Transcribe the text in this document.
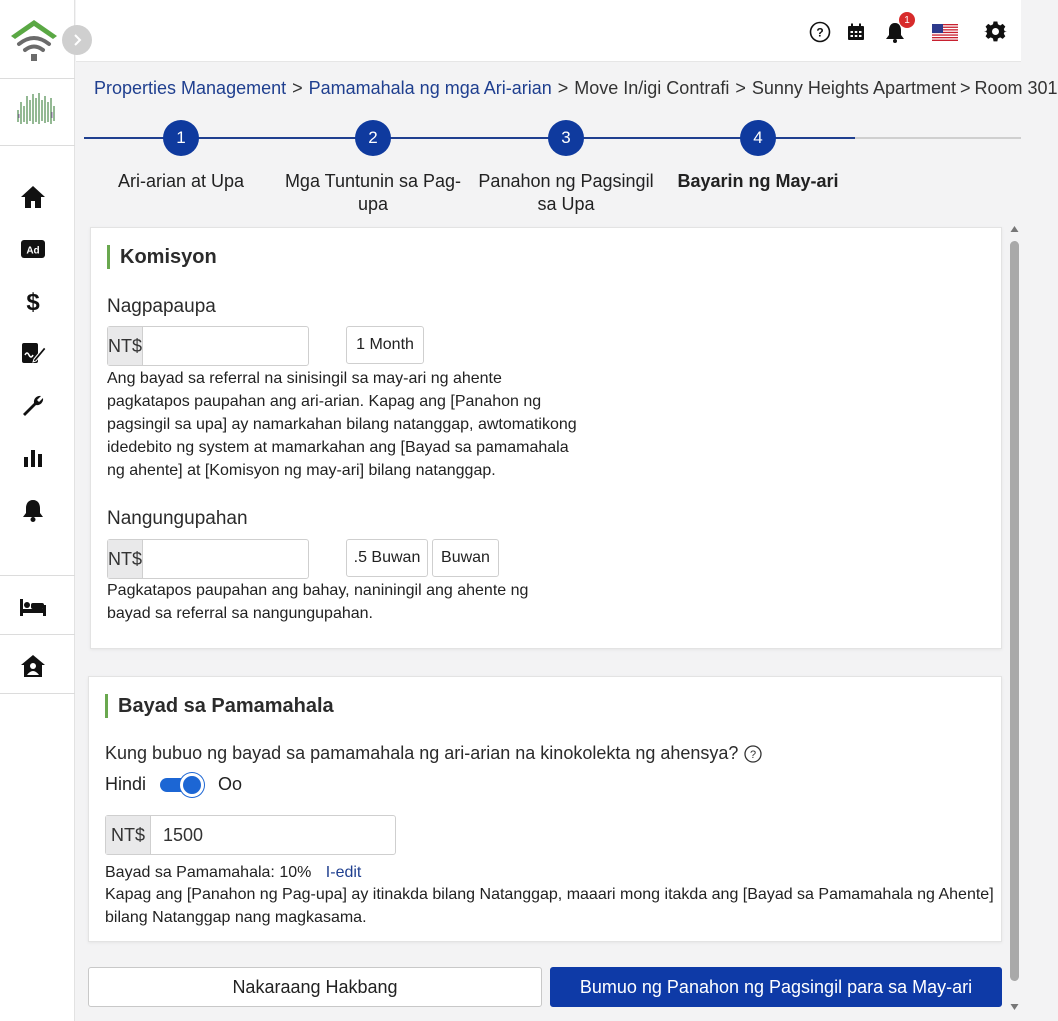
Ad
$
?
1
Properties Management > Pamamahala ng mga Ari-arian > Move In/igi Contrafi > Sunny Heights Apartment > Room 301
1	2	3	4
Ari-arian at Upa	Mga Tuntunin sa Pag-upa
Panahon ng Pagsingil sa Upa
Bayarin ng May-ari
Komisyon
Nagpapaupa
NT$	1 Month
Ang bayad sa referral na sinisingil sa may-ari ng ahente pagkatapos paupahan ang ari-arian. Kapag ang [Panahon ng pagsingil sa upa] ay namarkahan bilang natanggap, awtomatikong idedebito ng system at mamarkahan ang [Bayad sa pamamahala ng ahente] at [Komisyon ng may-ari] bilang natanggap.
Nangungupahan
NT$	.5 Buwan	Buwan
Pagkatapos paupahan ang bahay, naniningil ang ahente ng bayad sa referral sa nangungupahan.
Bayad sa Pamamahala
Kung bubuo ng bayad sa pamamahala ng ari-arian na kinokolekta ng ahensya? ?
Hindi	Oo
NT$
1500
Bayad sa Pamamahala: 10% I-edit
Kapag ang [Panahon ng Pag-upa] ay itinakda bilang Natanggap, maaari mong itakda ang [Bayad sa Pamamahala ng Ahente] bilang Natanggap nang magkasama.
Nakaraang Hakbang	Bumuo ng Panahon ng Pagsingil para sa May-ari
